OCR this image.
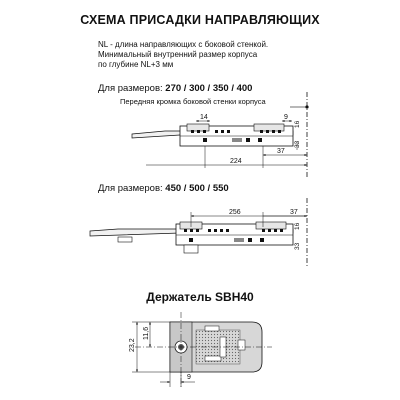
СХЕМА ПРИСАДКИ НАПРАВЛЯЮЩИХ
NL - длина направляющих с боковой стенкой.
Минимальный внутренний размер корпуса
по глубине NL+3 мм
Для размеров: 270 / 300 / 350 / 400
Для размеров: 450 / 500 / 550
Держатель SBH40
Передняя кромка боковой стенки корпуса
14	9
33
16
224
37
33
16
256	37
23,2
11,6
9
